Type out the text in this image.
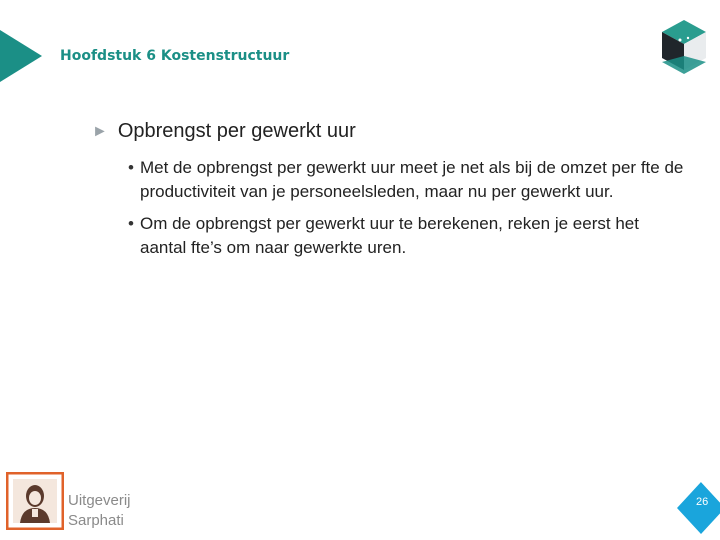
Hoofdstuk 6 Kostenstructuur
► Opbrengst per gewerkt uur
• Met de opbrengst per gewerkt uur meet je net als bij de omzet per fte de productiviteit van je personeelsleden, maar nu per gewerkt uur.
• Om de opbrengst per gewerkt uur te berekenen, reken je eerst het aantal fte’s om naar gewerkte uren.
Uitgeverij
Sarphati
26
